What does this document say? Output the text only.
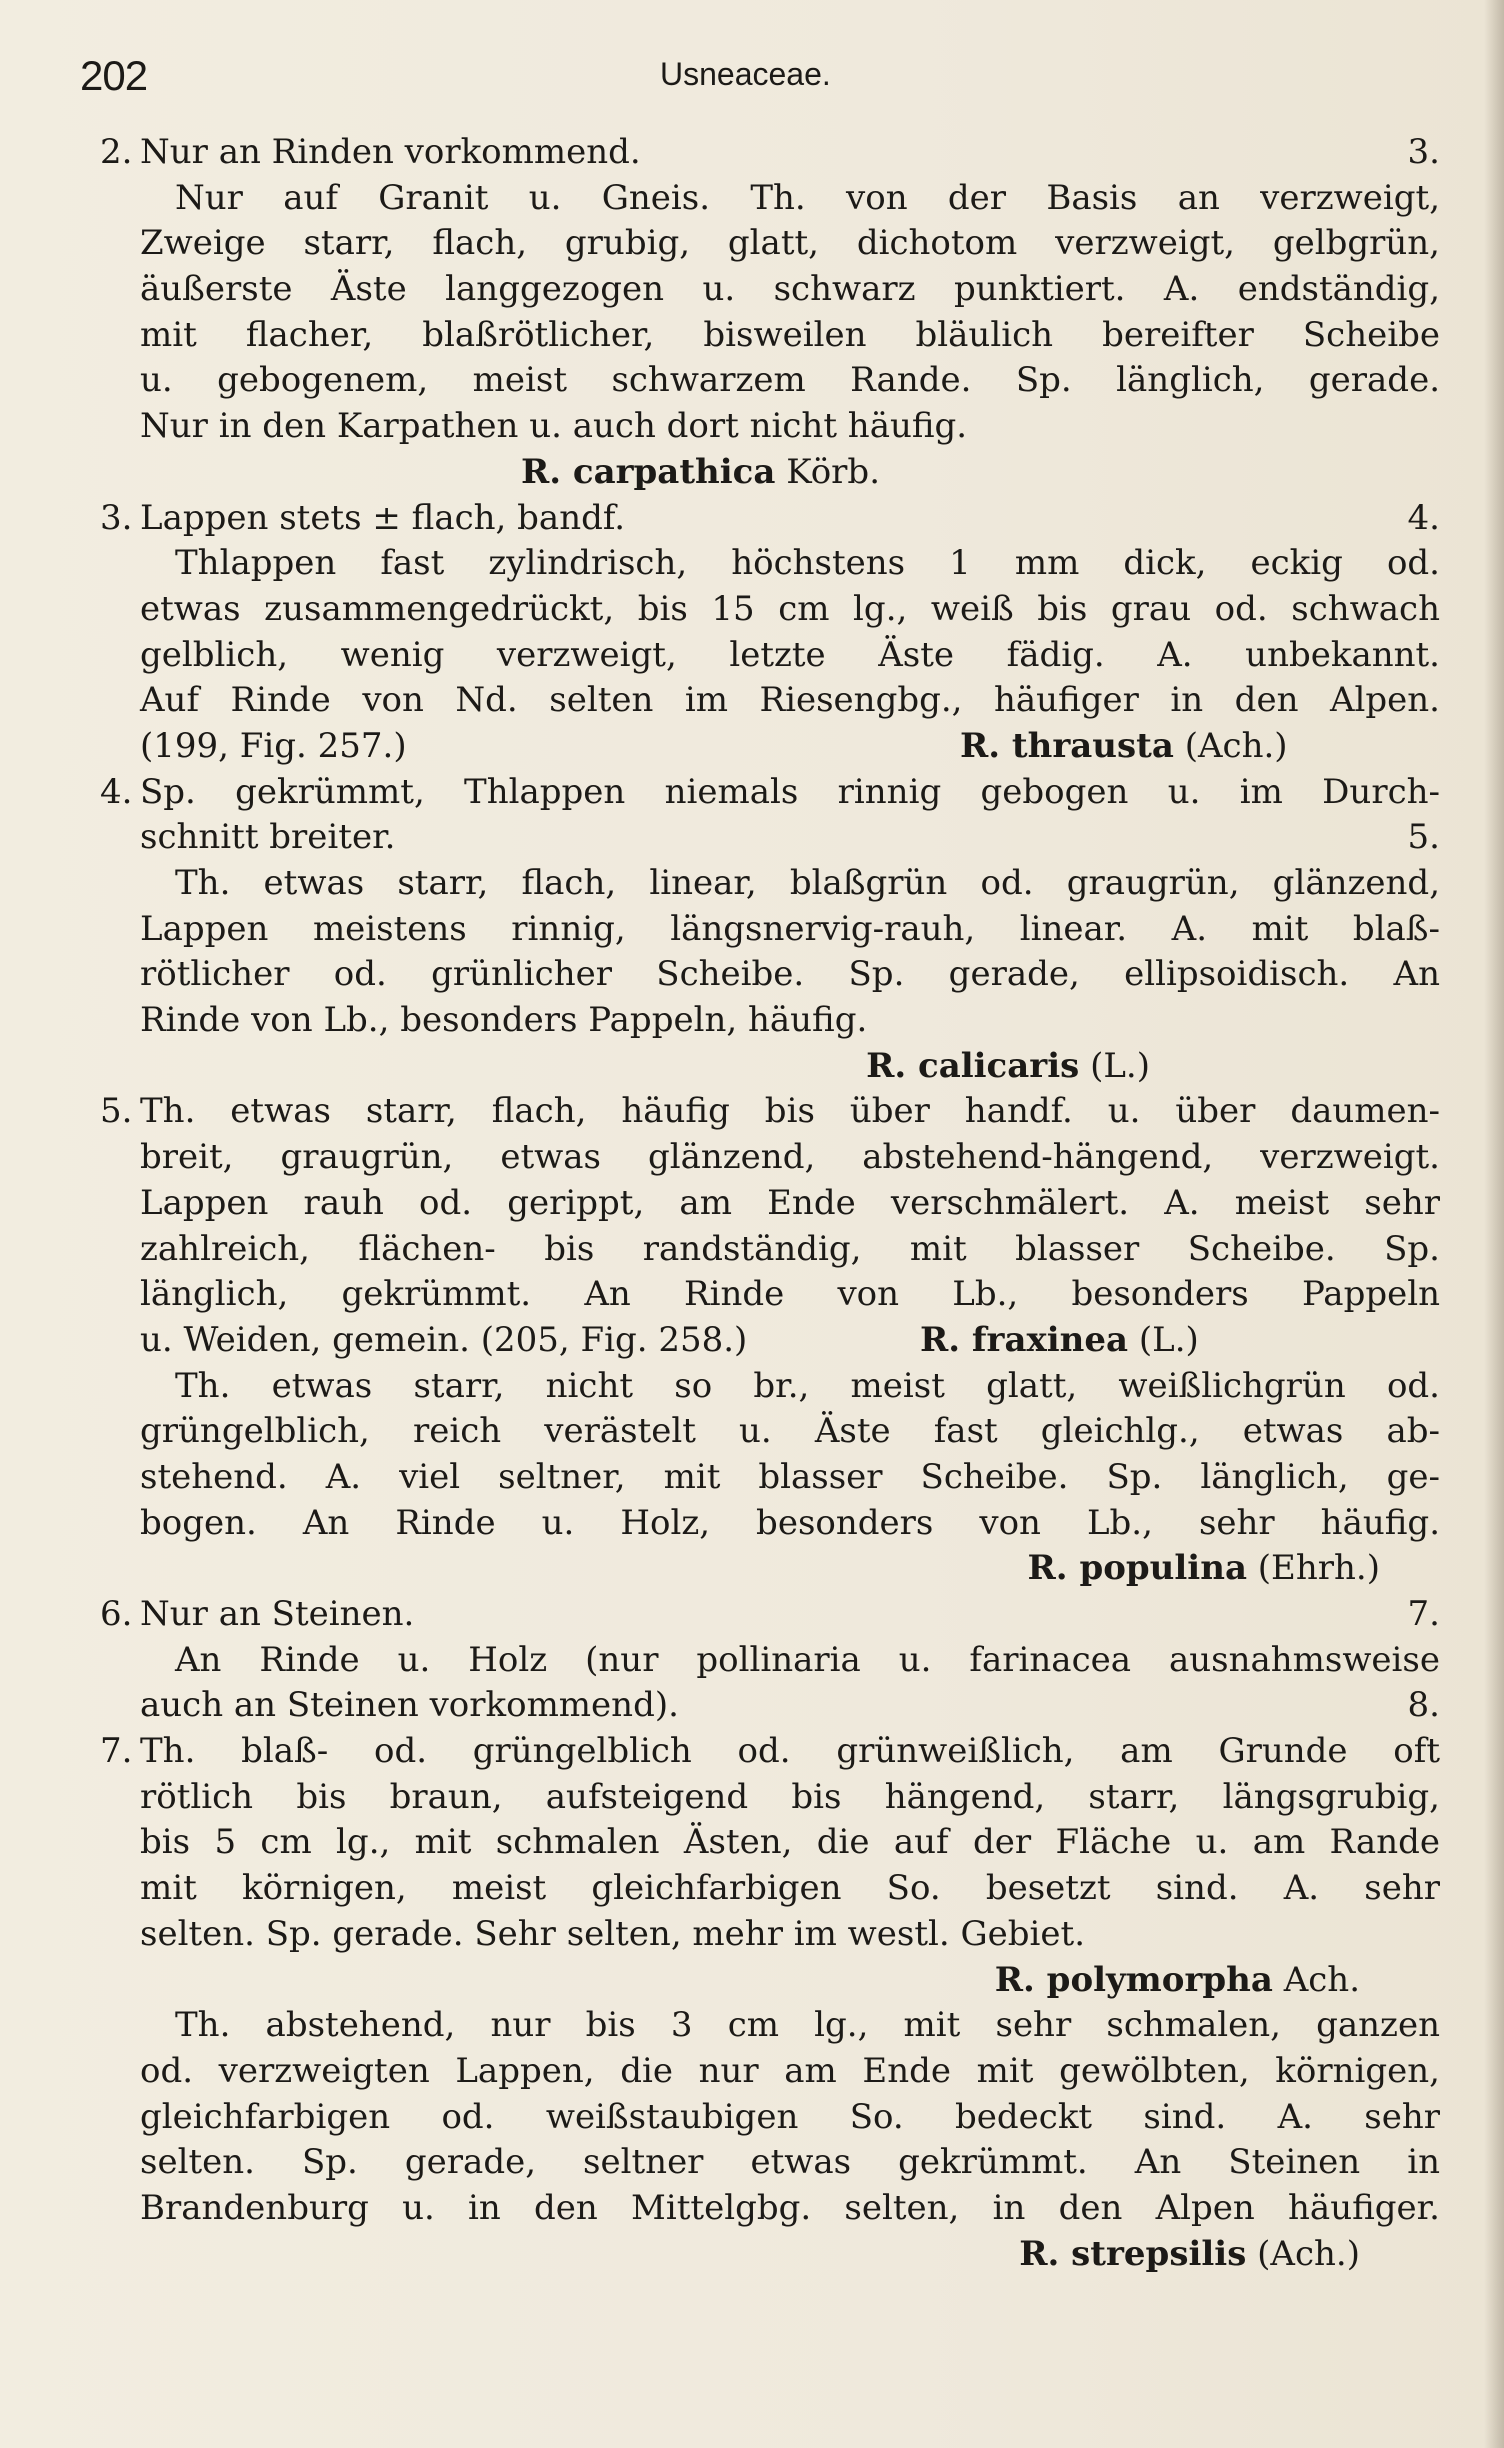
202	Usneaceae.
2. Nur an Rinden vorkommend.	3.
Nur auf Granit u. Gneis. Th. von der Basis an verzweigt,
Zweige starr, flach, grubig, glatt, dichotom verzweigt, gelbgrün,
äußerste Äste langgezogen u. schwarz punktiert. A. endständig,
mit flacher, blaßrötlicher, bisweilen bläulich bereifter Scheibe
u. gebogenem, meist schwarzem Rande. Sp. länglich, gerade.
Nur in den Karpathen u. auch dort nicht häufig.
R. carpathica Körb.
3. Lappen stets ± flach, bandf.	4.
Thlappen fast zylindrisch, höchstens 1 mm dick, eckig od.
etwas zusammengedrückt, bis 15 cm lg., weiß bis grau od. schwach
gelblich, wenig verzweigt, letzte Äste fädig. A. unbekannt.
Auf Rinde von Nd. selten im Riesengbg., häufiger in den Alpen.
(199, Fig. 257.)	R. thrausta (Ach.)
4. Sp. gekrümmt, Thlappen niemals rinnig gebogen u. im Durch-
schnitt breiter.	5.
Th. etwas starr, flach, linear, blaßgrün od. graugrün, glänzend,
Lappen meistens rinnig, längsnervig-rauh, linear. A. mit blaß-
rötlicher od. grünlicher Scheibe. Sp. gerade, ellipsoidisch. An
Rinde von Lb., besonders Pappeln, häufig.
R. calicaris (L.)
5. Th. etwas starr, flach, häufig bis über handf. u. über daumen-
breit, graugrün, etwas glänzend, abstehend-hängend, verzweigt.
Lappen rauh od. gerippt, am Ende verschmälert. A. meist sehr
zahlreich, flächen- bis randständig, mit blasser Scheibe. Sp.
länglich, gekrümmt. An Rinde von Lb., besonders Pappeln
u. Weiden, gemein. (205, Fig. 258.)	R. fraxinea (L.)
Th. etwas starr, nicht so br., meist glatt, weißlichgrün od.
grüngelblich, reich verästelt u. Äste fast gleichlg., etwas ab-
stehend. A. viel seltner, mit blasser Scheibe. Sp. länglich, ge-
bogen. An Rinde u. Holz, besonders von Lb., sehr häufig.
R. populina (Ehrh.)
6. Nur an Steinen.	7.
An Rinde u. Holz (nur pollinaria u. farinacea ausnahmsweise
auch an Steinen vorkommend).	8.
7. Th. blaß- od. grüngelblich od. grünweißlich, am Grunde oft
rötlich bis braun, aufsteigend bis hängend, starr, längsgrubig,
bis 5 cm lg., mit schmalen Ästen, die auf der Fläche u. am Rande
mit körnigen, meist gleichfarbigen So. besetzt sind. A. sehr
selten. Sp. gerade. Sehr selten, mehr im westl. Gebiet.
R. polymorpha Ach.
Th. abstehend, nur bis 3 cm lg., mit sehr schmalen, ganzen
od. verzweigten Lappen, die nur am Ende mit gewölbten, körnigen,
gleichfarbigen od. weißstaubigen So. bedeckt sind. A. sehr
selten. Sp. gerade, seltner etwas gekrümmt. An Steinen in
Brandenburg u. in den Mittelgbg. selten, in den Alpen häufiger.
R. strepsilis (Ach.)
